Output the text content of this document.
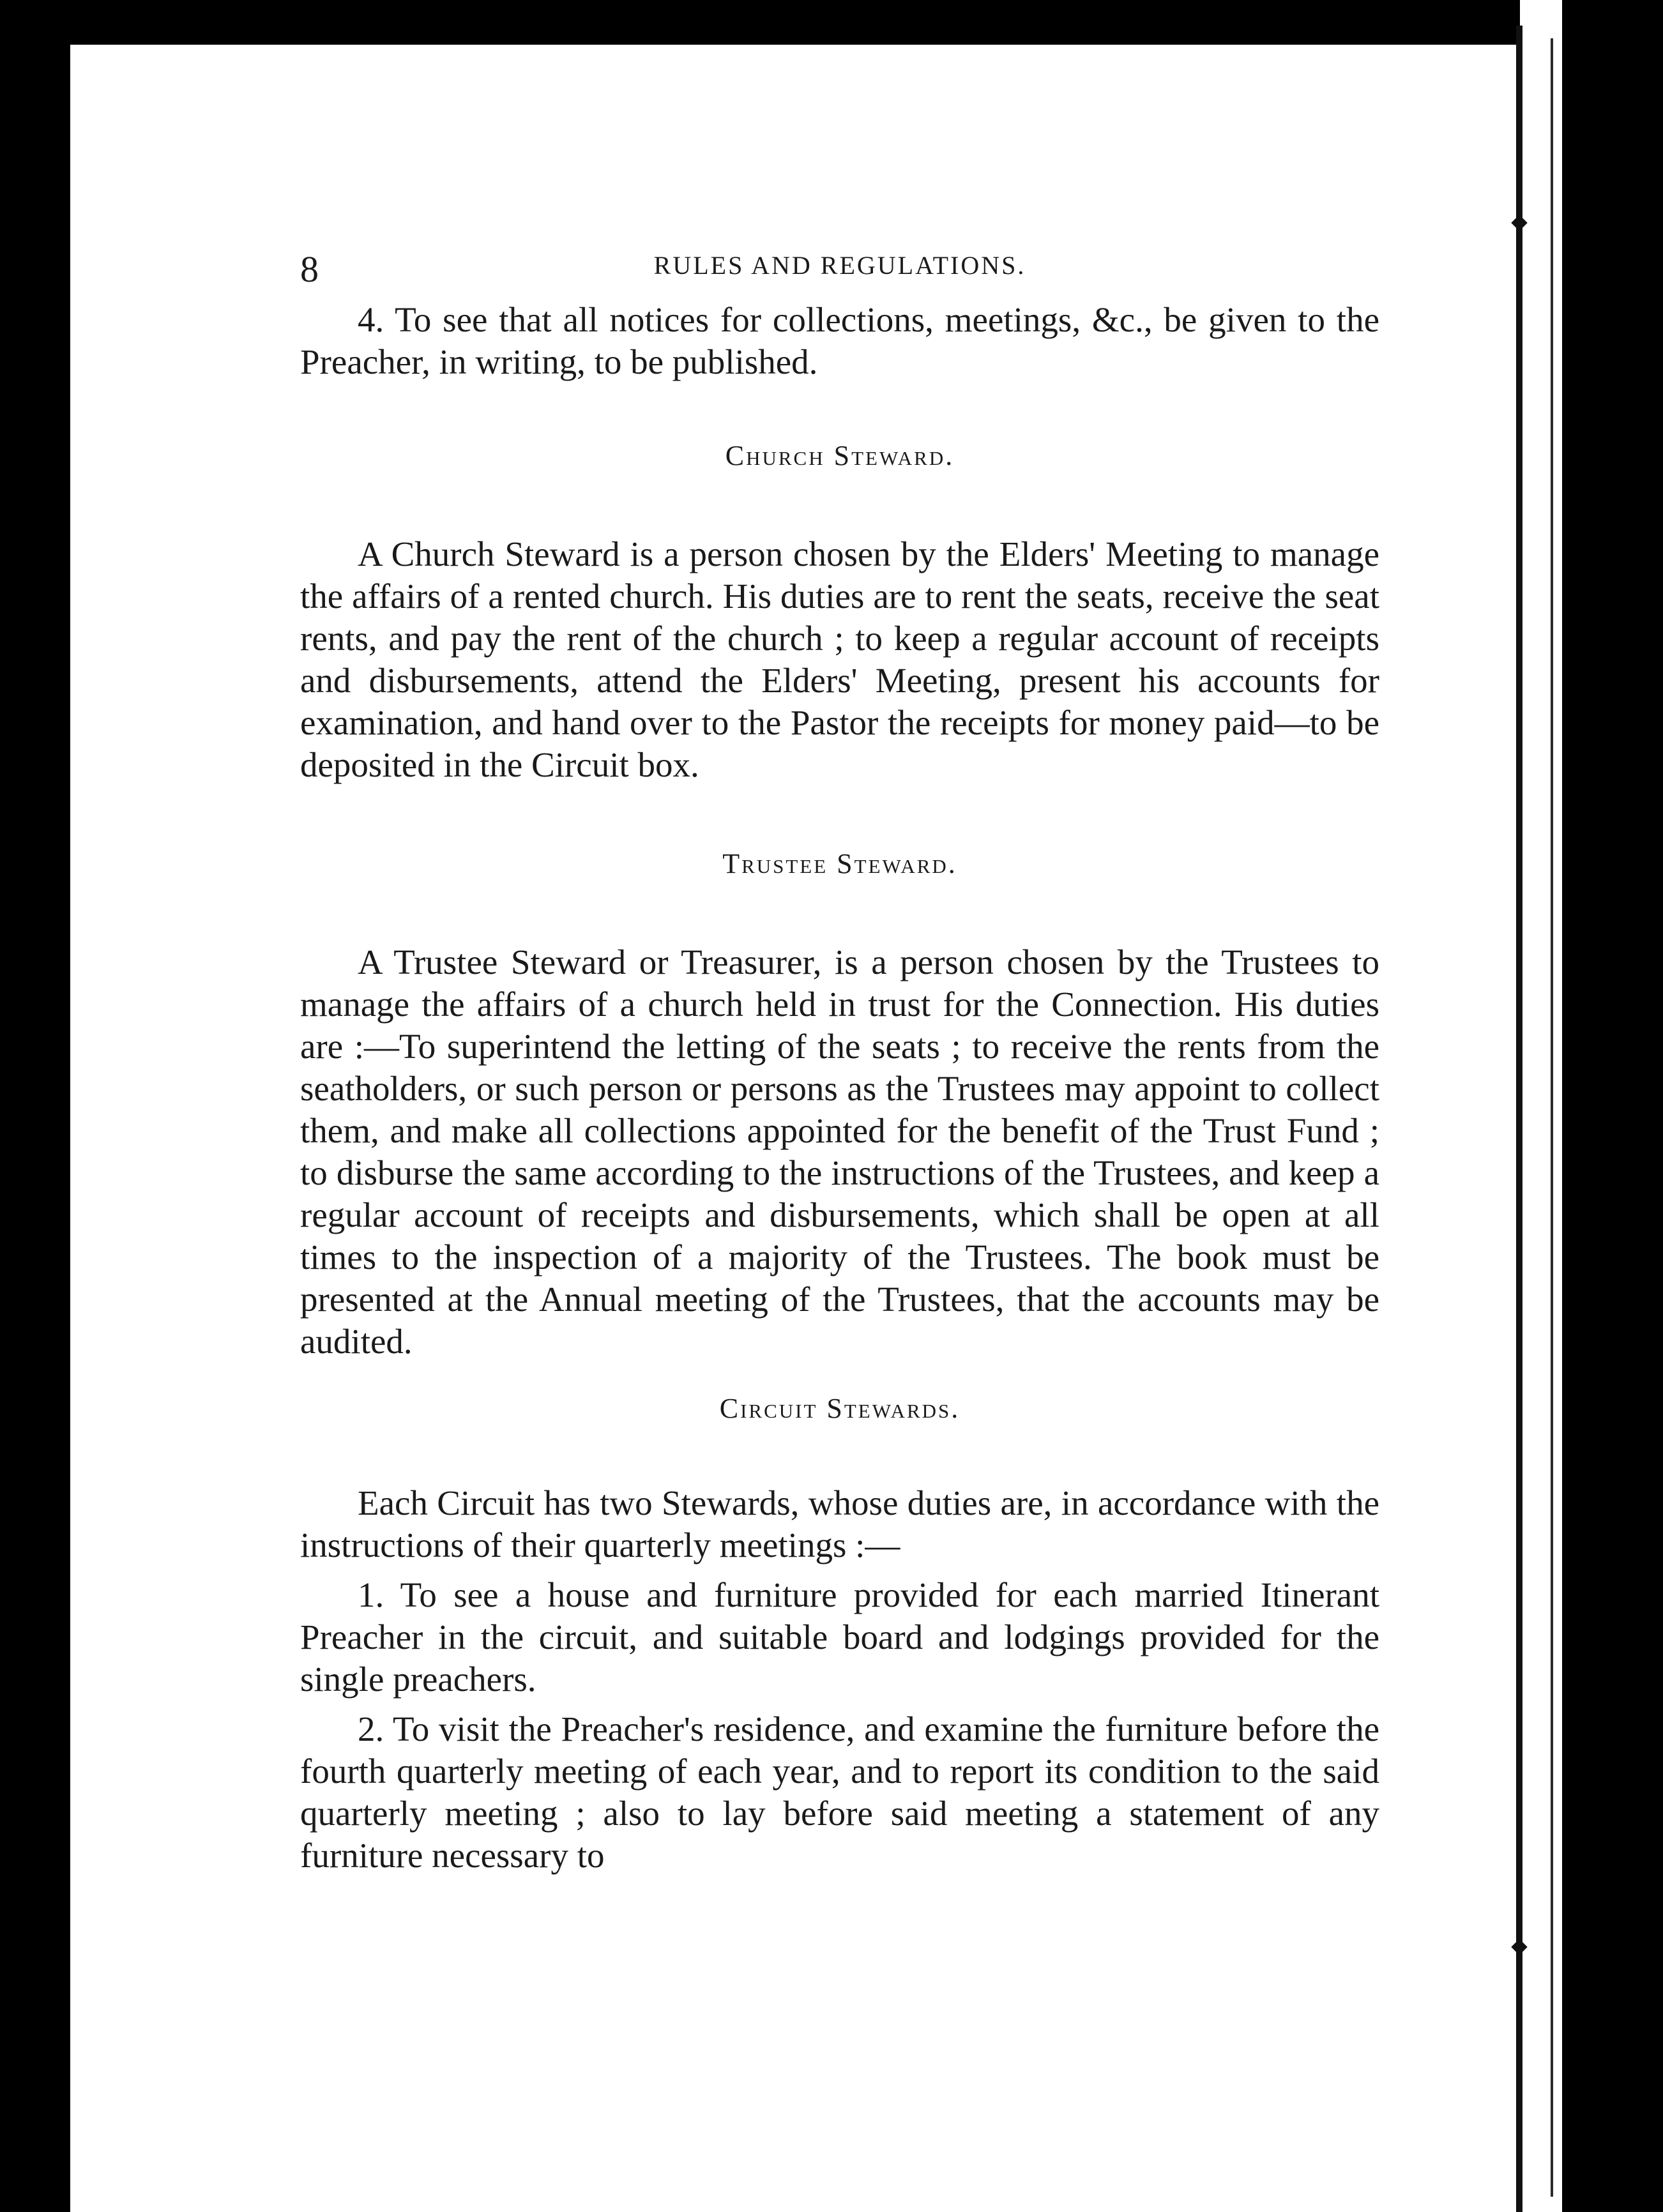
8	RULES AND REGULATIONS.

4. To see that all notices for collections, meetings, &c., be given to the Preacher, in writing, to be published.

Church Steward.

A Church Steward is a person chosen by the Elders' Meeting to manage the affairs of a rented church. His duties are to rent the seats, receive the seat rents, and pay the rent of the church ; to keep a regular account of receipts and disbursements, attend the Elders' Meeting, present his accounts for examination, and hand over to the Pastor the receipts for money paid—to be deposited in the Circuit box.

Trustee Steward.

A Trustee Steward or Treasurer, is a person chosen by the Trustees to manage the affairs of a church held in trust for the Connection. His duties are :—To superintend the letting of the seats ; to receive the rents from the seatholders, or such person or persons as the Trustees may appoint to collect them, and make all collections appointed for the benefit of the Trust Fund ; to disburse the same according to the instructions of the Trustees, and keep a regular account of receipts and disbursements, which shall be open at all times to the inspection of a majority of the Trustees. The book must be presented at the Annual meeting of the Trustees, that the accounts may be audited.

Circuit Stewards.

Each Circuit has two Stewards, whose duties are, in accordance with the instructions of their quarterly meetings :—

1. To see a house and furniture provided for each married Itinerant Preacher in the circuit, and suitable board and lodgings provided for the single preachers.

2. To visit the Preacher's residence, and examine the furniture before the fourth quarterly meeting of each year, and to report its condition to the said quarterly meeting ; also to lay before said meeting a statement of any furniture necessary to
